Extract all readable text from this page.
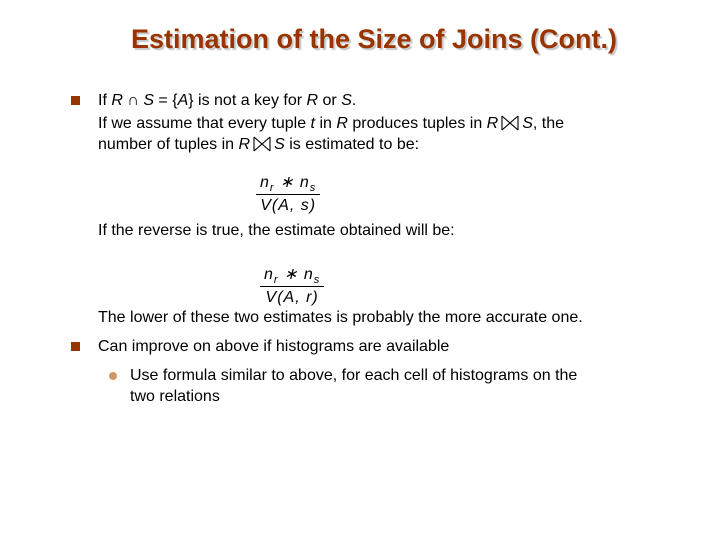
Estimation of the Size of Joins (Cont.)
If R ∩ S = {A} is not a key for R or S.
If we assume that every tuple t in R produces tuples in R S, the
number of tuples in R S is estimated to be:
$\frac{n_r ∗ n_s}{V(A, s)}$
If the reverse is true, the estimate obtained will be:
$\frac{n_r ∗ n_s}{V(A, r)}$
The lower of these two estimates is probably the more accurate one.
Can improve on above if histograms are available
Use formula similar to above, for each cell of histograms on the
two relations
